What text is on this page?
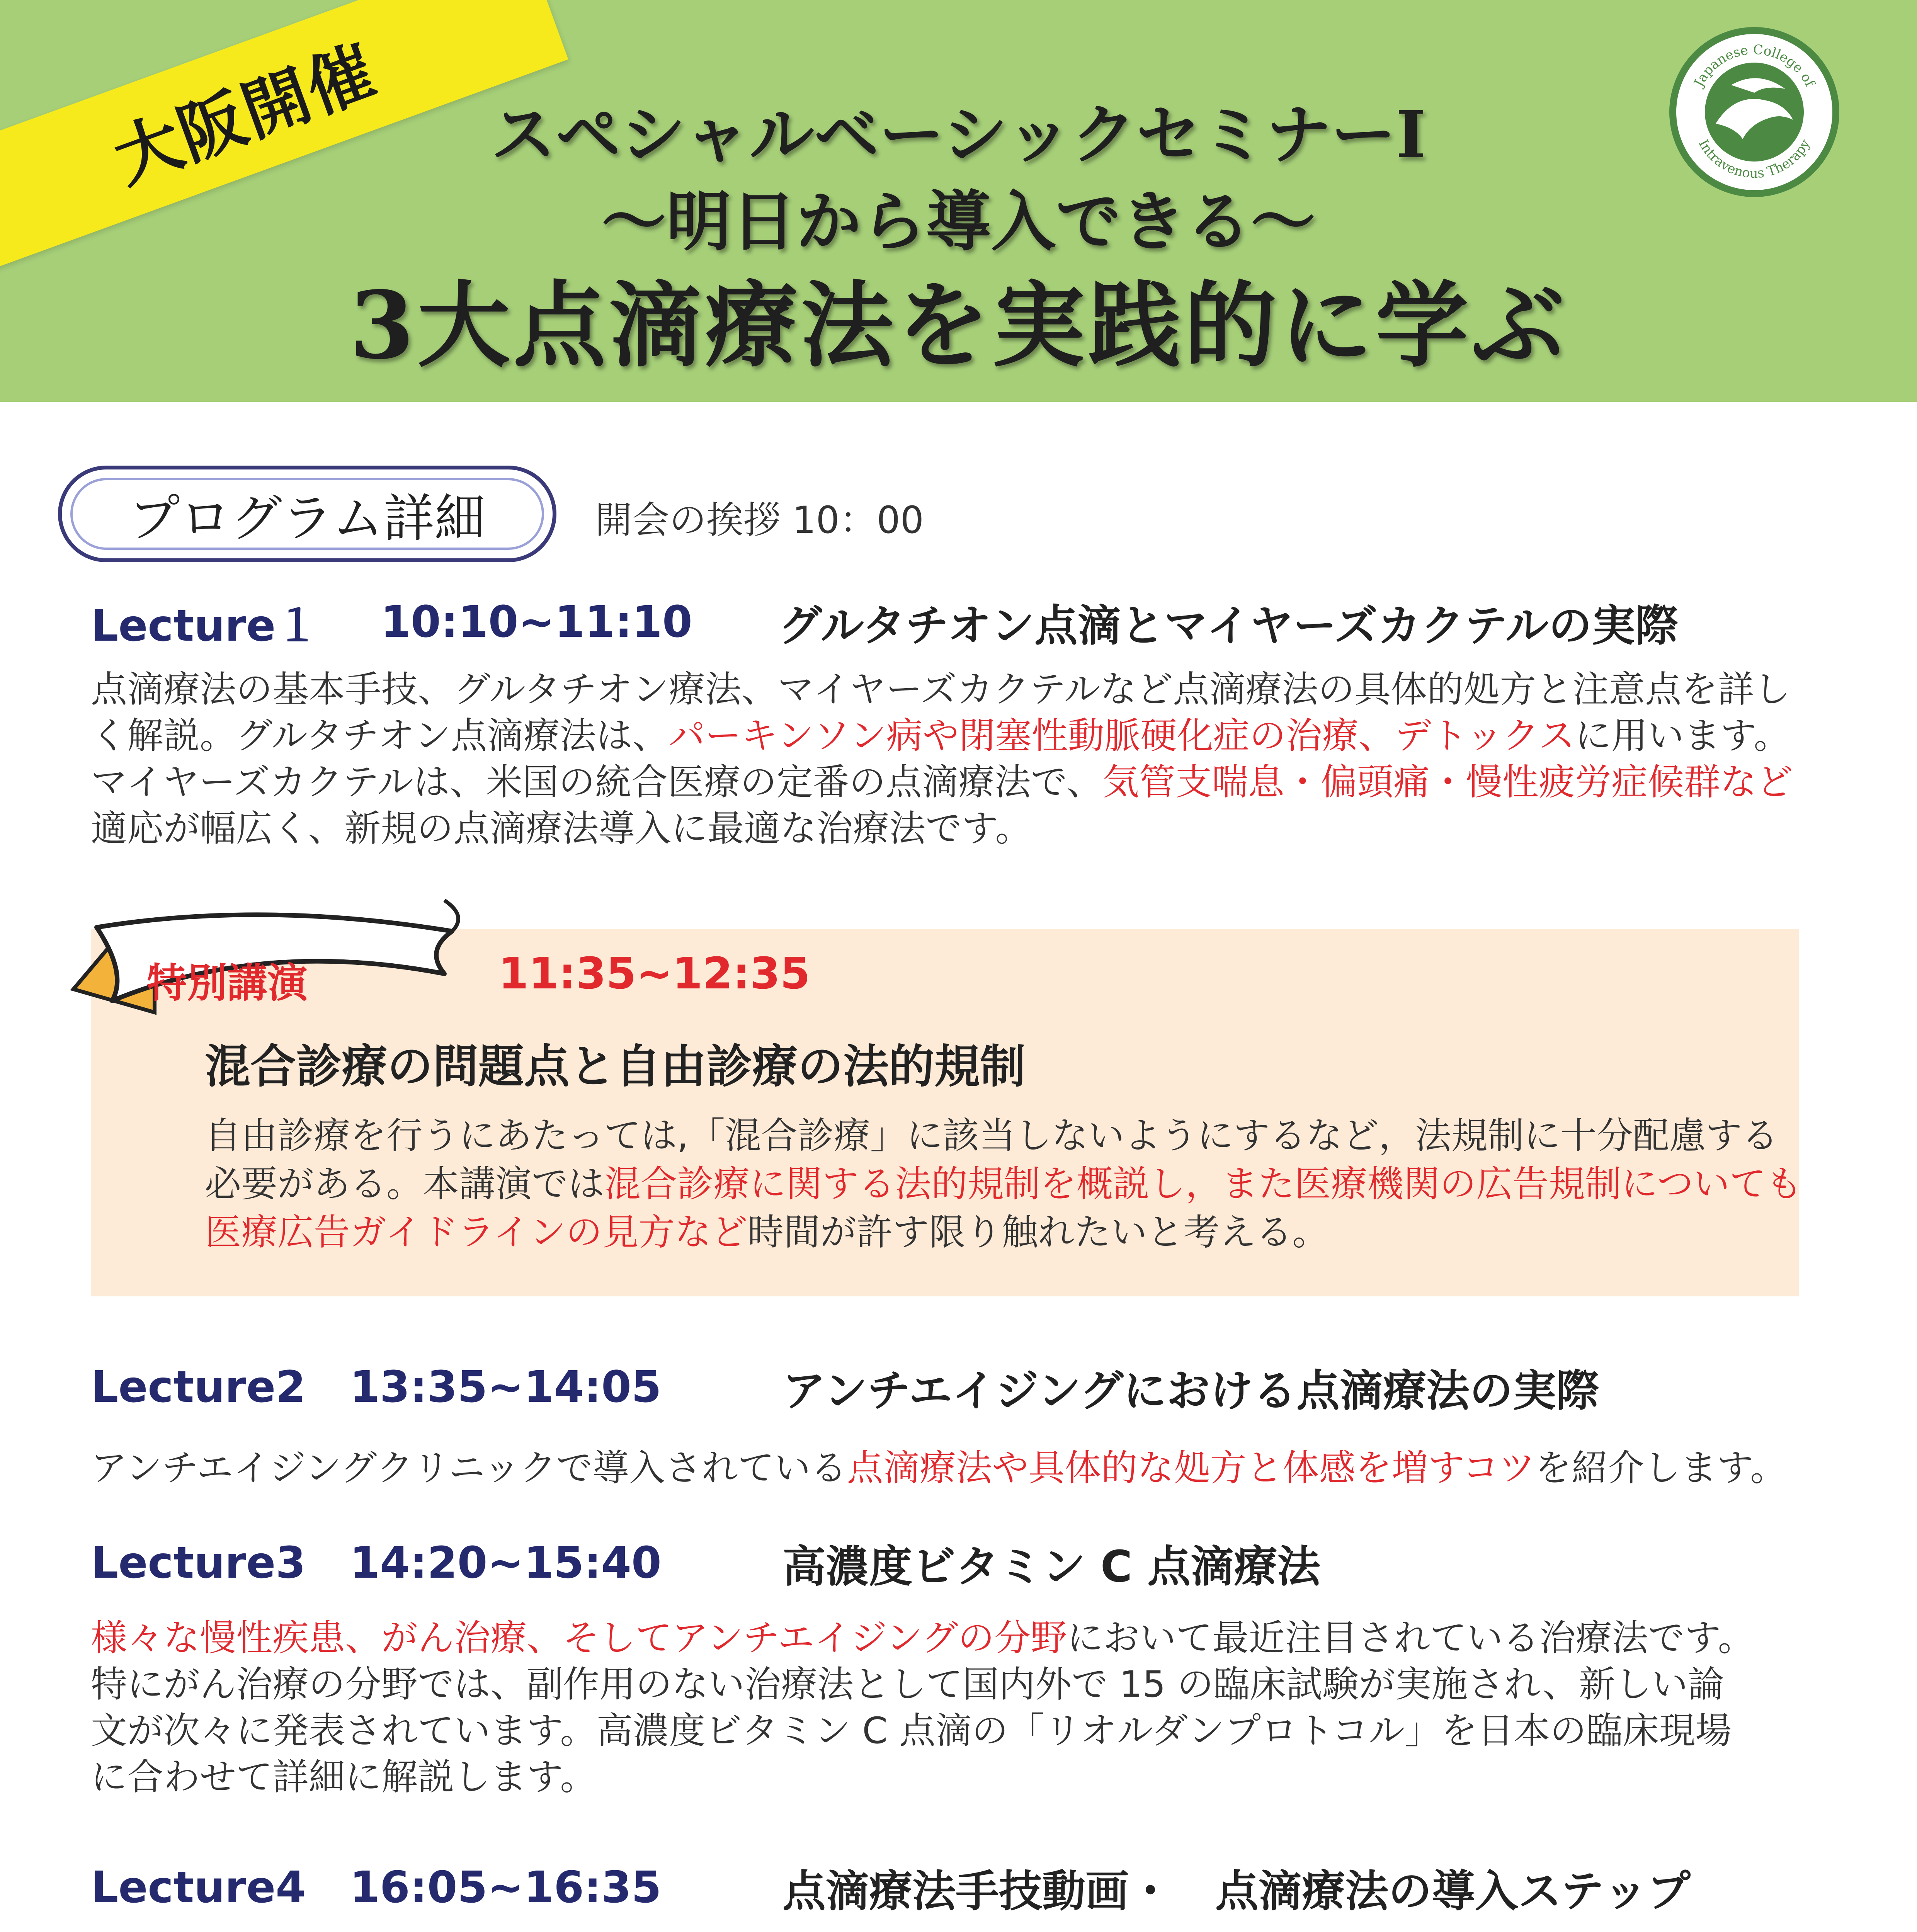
大阪開催	スペシャルベーシックセミナーⅠ
〜明日から導入できる〜
3大点滴療法を実践的に学ぶ
Japanese College of
Intravenous Therapy
プログラム詳細	開会の挨拶 10：00
Lecture１	10:10~11:10	グルタチオン点滴とマイヤーズカクテルの実際
点滴療法の基本手技、グルタチオン療法、マイヤーズカクテルなど点滴療法の具体的処方と注意点を詳し
く解説。グルタチオン点滴療法は、パーキンソン病や閉塞性動脈硬化症の治療、デトックスに用います。
マイヤーズカクテルは、米国の統合医療の定番の点滴療法で、気管支喘息・偏頭痛・慢性疲労症候群など
適応が幅広く、新規の点滴療法導入に最適な治療法です。
特別講演	11:35~12:35
混合診療の問題点と自由診療の法的規制
自由診療を行うにあたっては,「混合診療」に該当しないようにするなど，法規制に十分配慮する
必要がある。本講演では混合診療に関する法的規制を概説し，また医療機関の広告規制についても
医療広告ガイドラインの見方など時間が許す限り触れたいと考える。
Lecture2	13:35~14:05	アンチエイジングにおける点滴療法の実際
アンチエイジングクリニックで導入されている点滴療法や具体的な処方と体感を増すコツを紹介します。
Lecture3	14:20~15:40	高濃度ビタミン C 点滴療法
様々な慢性疾患、がん治療、そしてアンチエイジングの分野において最近注目されている治療法です。
特にがん治療の分野では、副作用のない治療法として国内外で 15 の臨床試験が実施され、新しい論
文が次々に発表されています。高濃度ビタミン C 点滴の「リオルダンプロトコル」を日本の臨床現場
に合わせて詳細に解説します。
Lecture4	16:05~16:35	点滴療法手技動画・　点滴療法の導入ステップ
